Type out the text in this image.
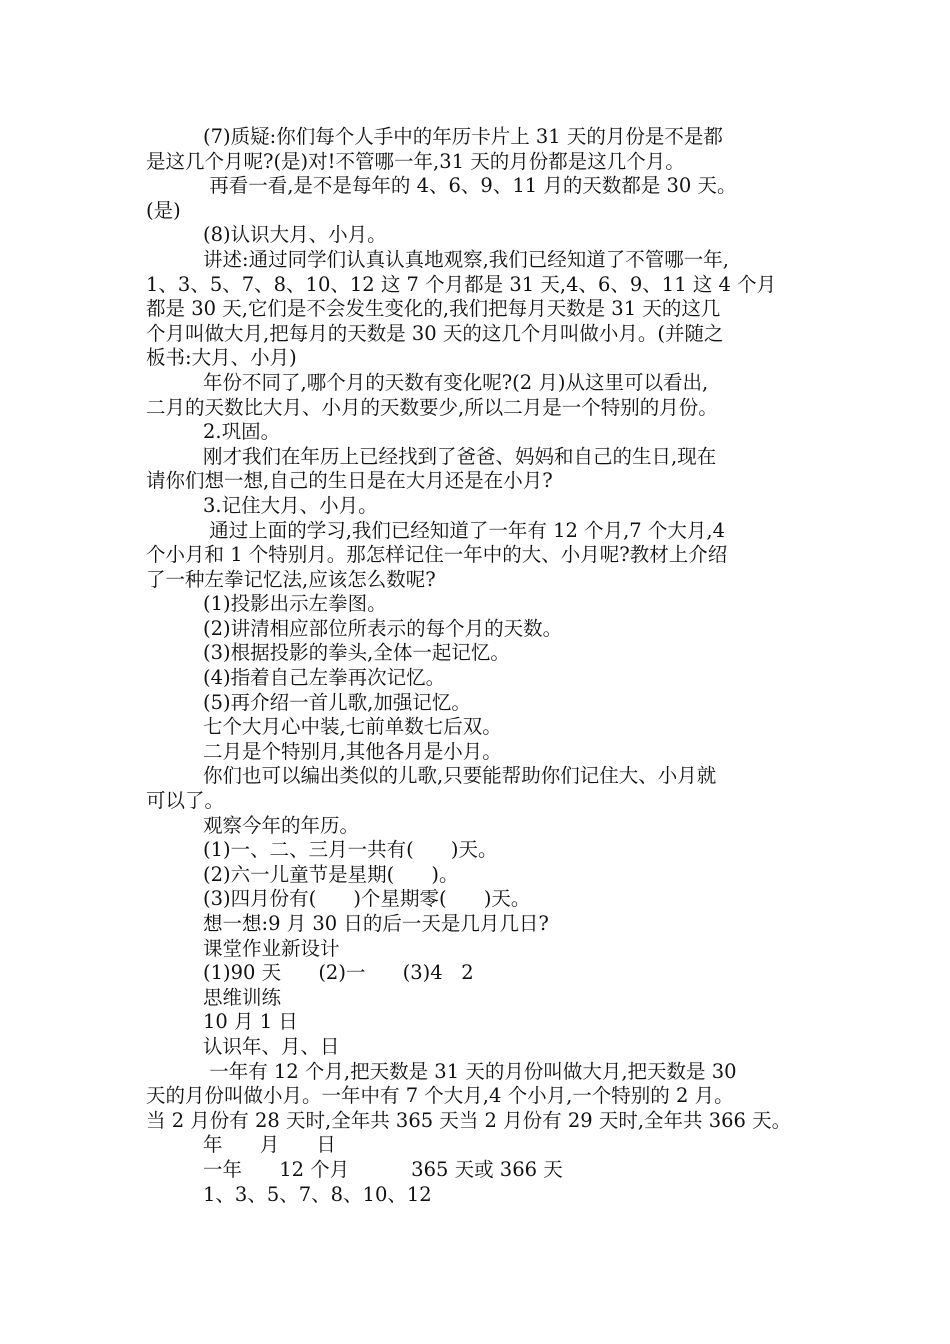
(7)质疑:你们每个人手中的年历卡片上 31 天的月份是不是都
是这几个月呢?(是)对!不管哪一年,31 天的月份都是这几个月。
再看一看,是不是每年的 4、6、9、11 月的天数都是 30 天。
(是)
(8)认识大月、小月。
讲述:通过同学们认真认真地观察,我们已经知道了不管哪一年,
1、3、5、7、8、10、12 这 7 个月都是 31 天,4、6、9、11 这 4 个月
都是 30 天,它们是不会发生变化的,我们把每月天数是 31 天的这几
个月叫做大月,把每月的天数是 30 天的这几个月叫做小月。(并随之
板书:大月、小月)
年份不同了,哪个月的天数有变化呢?(2 月)从这里可以看出,
二月的天数比大月、小月的天数要少,所以二月是一个特别的月份。
2.巩固。
刚才我们在年历上已经找到了爸爸、妈妈和自己的生日,现在
请你们想一想,自己的生日是在大月还是在小月?
3.记住大月、小月。
通过上面的学习,我们已经知道了一年有 12 个月,7 个大月,4
个小月和 1 个特别月。那怎样记住一年中的大、小月呢?教材上介绍
了一种左拳记忆法,应该怎么数呢?
(1)投影出示左拳图。
(2)讲清相应部位所表示的每个月的天数。
(3)根据投影的拳头,全体一起记忆。
(4)指着自己左拳再次记忆。
(5)再介绍一首儿歌,加强记忆。
七个大月心中装,七前单数七后双。
二月是个特别月,其他各月是小月。
你们也可以编出类似的儿歌,只要能帮助你们记住大、小月就
可以了。
观察今年的年历。
(1)一、二、三月一共有(      )天。
(2)六一儿童节是星期(      )。
(3)四月份有(      )个星期零(      )天。
想一想:9 月 30 日的后一天是几月几日?
课堂作业新设计
(1)90 天      (2)一      (3)4   2
思维训练
10 月 1 日
认识年、月、日
一年有 12 个月,把天数是 31 天的月份叫做大月,把天数是 30
天的月份叫做小月。一年中有 7 个大月,4 个小月,一个特别的 2 月。
当 2 月份有 28 天时,全年共 365 天当 2 月份有 29 天时,全年共 366 天。
年      月      日
一年      12 个月          365 天或 366 天
1、3、5、7、8、10、12
